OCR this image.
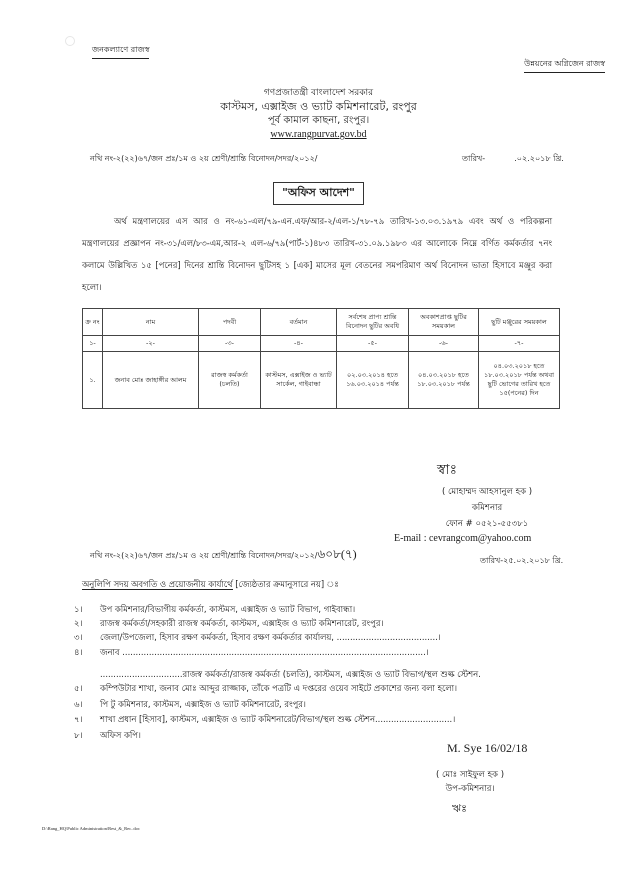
জনকল্যাণে রাজস্ব
উন্নয়নের অগ্নিজেন রাজস্ব
গণপ্রজাতন্ত্রী বাংলাদেশ সরকার
কাস্টমস, এক্সাইজ ও ভ্যাট কমিশনারেট, রংপুর
পূর্ব কামাল কাছনা, রংপুর।
www.rangpurvat.gov.bd
নথি নং-২(২২)৬৭/জন প্রঃ/১ম ও ২য় শ্রেণী/শ্রান্তি বিনোদন/সদর/২০১২/	তারিখ-	.০২.২০১৮ খ্রি.
"অফিস আদেশ"
অর্থ মন্ত্রণালয়ের এস আর ও নং-৬১-এল/৭৯-এন.এফ/আর-২/এল-১/৭৮-৭৯ তারিখ-১৩.০৩.১৯৭৯ এবং অর্থ ও পরিকল্পনা মন্ত্রণালয়ের প্রজ্ঞাপন নং-৩১/এল/৮৩-এম,আর-২ এল-৬/৭৯(পার্ট-১)৪৮৩ তারিখ-৩১.০৯.১৯৮৩ এর আলোকে নিম্নে বর্ণিত কর্মকর্তার ৭নং কলামে উল্লিখিত ১৫ [পনের] দিনের শ্রান্তি বিনোদন ছুটিসহ ১ [এক] মাসের মূল বেতনের সমপরিমাণ অর্থ বিনোদন ভাতা হিসাবে মঞ্জুর করা হলো।
ক্র নং	নাম	পদবী	বর্তমান	সর্বশেষ প্রাপ্য শ্রান্তি বিনোদন ছুটির অবধি	অবকাশপ্রাপ্ত ছুটির সময়কাল	ছুটি মঞ্জুরের সময়কাল
১-	-২-	-৩-	-৪-	-৫-	-৬-	-৭-
১.	জনাব মোঃ জাহাঙ্গীর আলম	রাজস্ব কর্মকর্তা (চলতি)	কাস্টমস, এক্সাইজ ও ভ্যাট সার্কেল, গাইবান্ধা	০২.০৩.২০১৪ হতে ১৬.০৩.২০১৪ পর্যন্ত	০৪.০৩.২০১৮ হতে ১৮.০৩.২০১৮ পর্যন্ত	০৪.০৩.২০১৮ হতে ১৮.০৩.২০১৮ পর্যন্ত অথবা ছুটি ভোগের তারিখ হতে ১৫(পনের) দিন
স্বাঃ
( মোহাম্মদ আহসানুল হক )
কমিশনার
ফোন # ০৫২১-৫৫৩৮১
E-mail : cevrangcom@yahoo.com
নথি নং-২(২২)৬৭/জন প্রঃ/১ম ও ২য় শ্রেণী/শ্রান্তি বিনোদন/সদর/২০১২/৬০৮(৭)	তারিখ-২৫.০২.২০১৮ খ্রি.
অনুলিপি সদয় অবগতি ও প্রয়োজনীয় কার্যার্থে [জ্যেষ্ঠতার ক্রমানুসারে নয়] ঃ
১। উপ কমিশনার/বিভাগীয় কর্মকর্তা, কাস্টমস, এক্সাইজ ও ভ্যাট বিভাগ, গাইবান্ধা।
২। রাজস্ব কর্মকর্তা/সহকারী রাজস্ব কর্মকর্তা, কাস্টমস, এক্সাইজ ও ভ্যাট কমিশনারেট, রংপুর।
৩। জেলা/উপজেলা, হিসাব রক্ষণ কর্মকর্তা, হিসাব রক্ষণ কর্মকর্তার কার্যালয়, ......................................।
৪। জনাব ..................................................................................................................।
...............................রাজস্ব কর্মকর্তা/রাজস্ব কর্মকর্তা (চলতি), কাস্টমস, এক্সাইজ ও ভ্যাট বিভাগ/স্থল শুল্ক স্টেশন.
৫। কম্পিউটার শাখা, জনাব মোঃ আব্দুর রাজ্জাক, তাঁকে পত্রটি এ দপ্তরের ওয়েব সাইটে প্রকাশের জন্য বলা হলো।
৬। পি টু কমিশনার, কাস্টমস, এক্সাইজ ও ভ্যাট কমিশনারেট, রংপুর।
৭। শাখা প্রধান [হিসাব], কাস্টমস, এক্সাইজ ও ভ্যাট কমিশনারেট/বিভাগ/স্থল শুল্ক স্টেশন.............................।
৮। অফিস কপি।
M. Sye 16/02/18
( মোঃ সাইফুল হক )
উপ-কমিশনার।
ঋঃ
D:\Rang_HQ\Public Administration\Rest_&_Rec..doc
